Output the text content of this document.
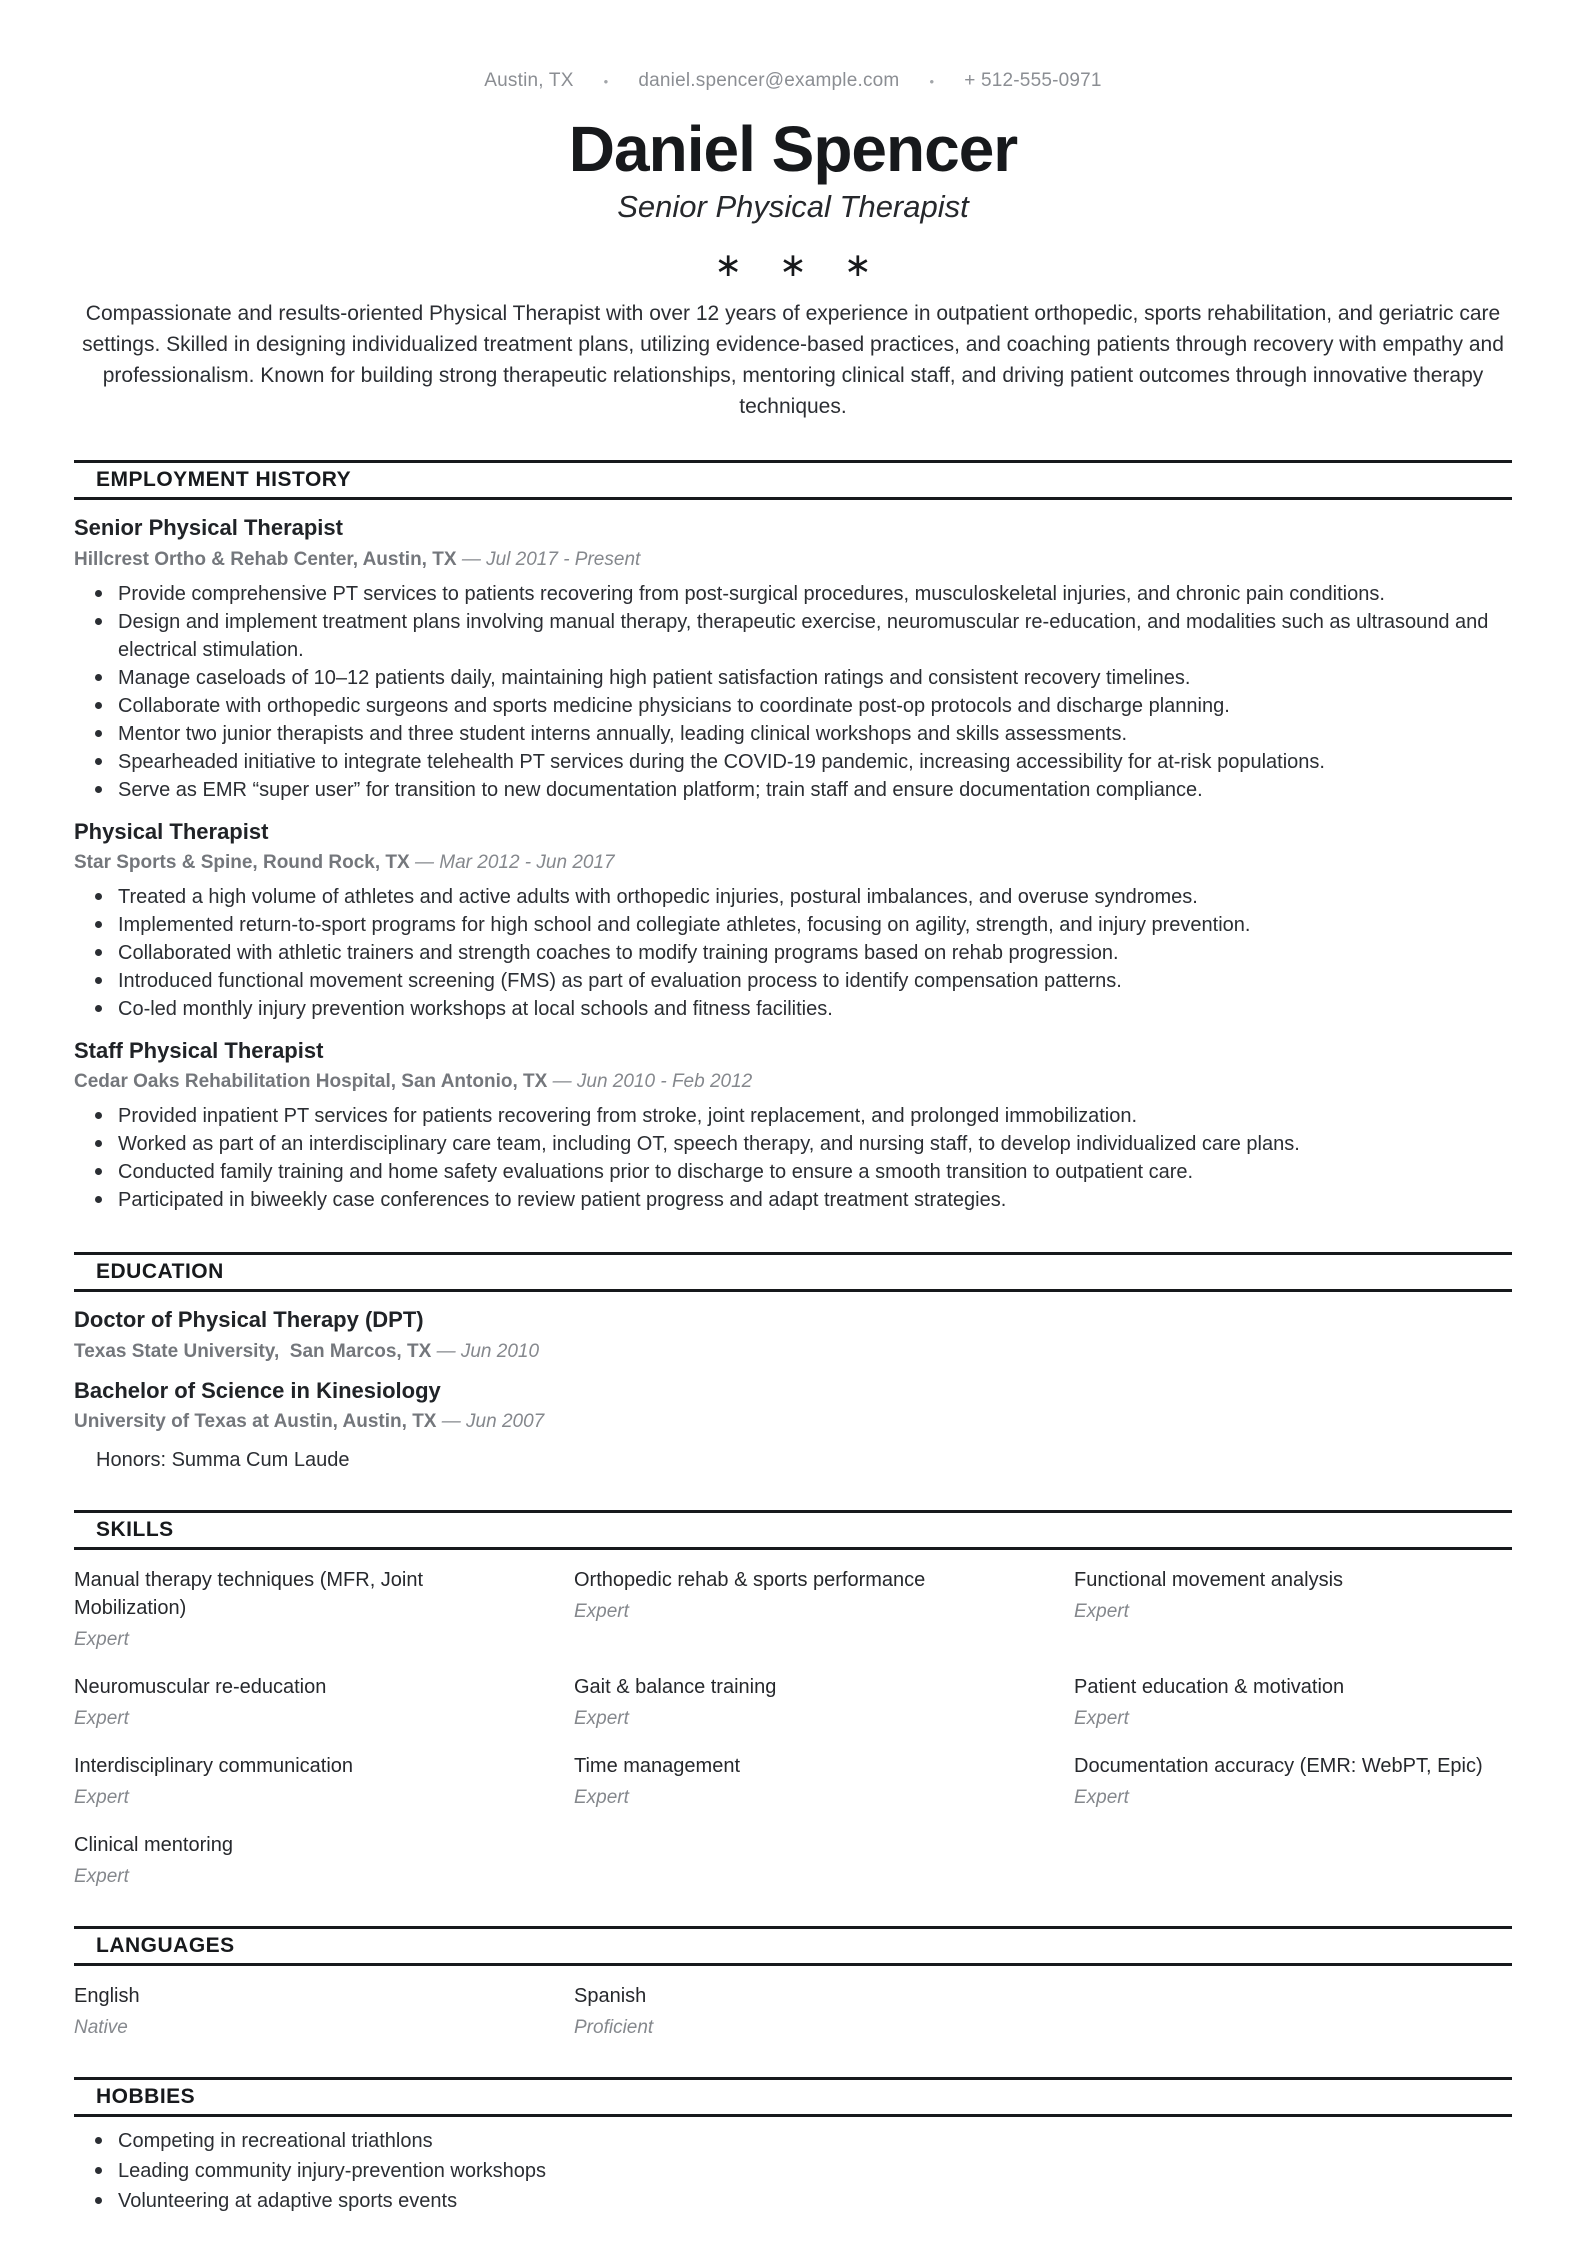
Austin, TX • daniel.spencer@example.com • + 512-555-0971
Daniel Spencer
Senior Physical Therapist
∗ ∗ ∗

Compassionate and results-oriented Physical Therapist with over 12 years of experience in outpatient orthopedic, sports rehabilitation, and geriatric care settings. Skilled in designing individualized treatment plans, utilizing evidence-based practices, and coaching patients through recovery with empathy and professionalism. Known for building strong therapeutic relationships, mentoring clinical staff, and driving patient outcomes through innovative therapy techniques.

EMPLOYMENT HISTORY
Senior Physical Therapist
Hillcrest Ortho & Rehab Center, Austin, TX — Jul 2017 - Present
Provide comprehensive PT services to patients recovering from post-surgical procedures, musculoskeletal injuries, and chronic pain conditions.
Design and implement treatment plans involving manual therapy, therapeutic exercise, neuromuscular re-education, and modalities such as ultrasound and electrical stimulation.
Manage caseloads of 10–12 patients daily, maintaining high patient satisfaction ratings and consistent recovery timelines.
Collaborate with orthopedic surgeons and sports medicine physicians to coordinate post-op protocols and discharge planning.
Mentor two junior therapists and three student interns annually, leading clinical workshops and skills assessments.
Spearheaded initiative to integrate telehealth PT services during the COVID-19 pandemic, increasing accessibility for at-risk populations.
Serve as EMR “super user” for transition to new documentation platform; train staff and ensure documentation compliance.
Physical Therapist
Star Sports & Spine, Round Rock, TX — Mar 2012 - Jun 2017
Treated a high volume of athletes and active adults with orthopedic injuries, postural imbalances, and overuse syndromes.
Implemented return-to-sport programs for high school and collegiate athletes, focusing on agility, strength, and injury prevention.
Collaborated with athletic trainers and strength coaches to modify training programs based on rehab progression.
Introduced functional movement screening (FMS) as part of evaluation process to identify compensation patterns.
Co-led monthly injury prevention workshops at local schools and fitness facilities.
Staff Physical Therapist
Cedar Oaks Rehabilitation Hospital, San Antonio, TX — Jun 2010 - Feb 2012
Provided inpatient PT services for patients recovering from stroke, joint replacement, and prolonged immobilization.
Worked as part of an interdisciplinary care team, including OT, speech therapy, and nursing staff, to develop individualized care plans.
Conducted family training and home safety evaluations prior to discharge to ensure a smooth transition to outpatient care.
Participated in biweekly case conferences to review patient progress and adapt treatment strategies.
EDUCATION
Doctor of Physical Therapy (DPT)
Texas State University,  San Marcos, TX — Jun 2010
Bachelor of Science in Kinesiology
University of Texas at Austin, Austin, TX — Jun 2007
Honors: Summa Cum Laude
SKILLS
Manual therapy techniques (MFR, Joint Mobilization)
Expert
Orthopedic rehab & sports performance
Expert
Functional movement analysis
Expert
Neuromuscular re-education
Expert
Gait & balance training
Expert
Patient education & motivation
Expert
Interdisciplinary communication
Expert
Time management
Expert
Documentation accuracy (EMR: WebPT, Epic)
Expert
Clinical mentoring
Expert
LANGUAGES
English
Native
Spanish
Proficient
HOBBIES
Competing in recreational triathlons
Leading community injury-prevention workshops
Volunteering at adaptive sports events
